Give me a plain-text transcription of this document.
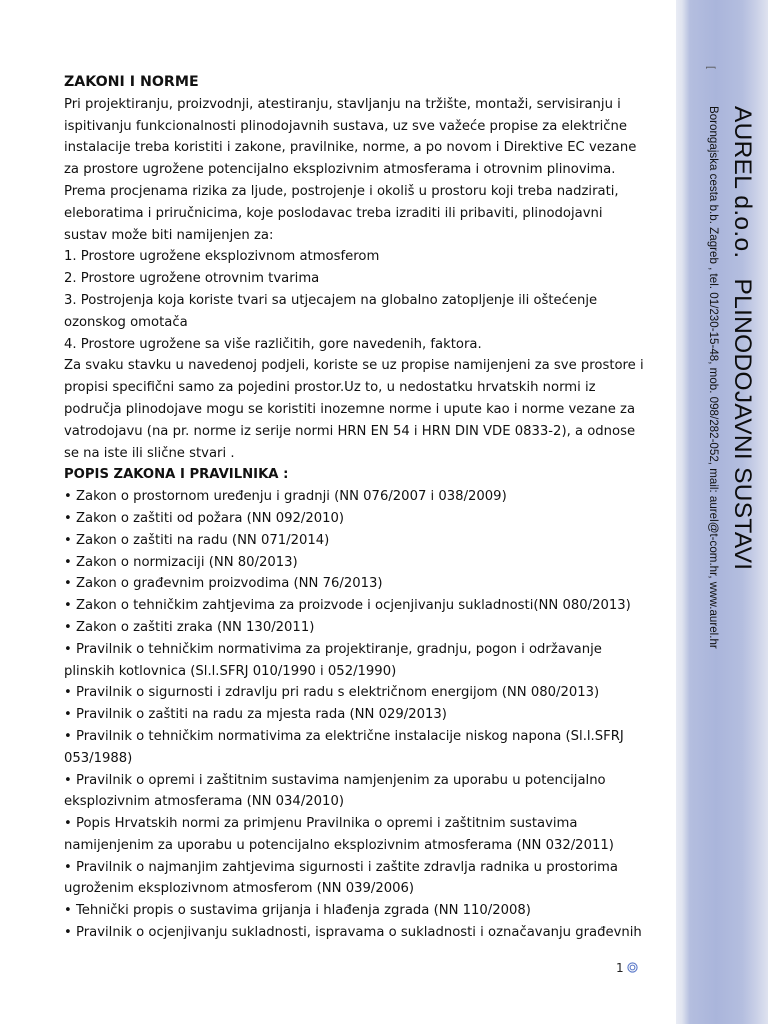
ZAKONI I NORME

Pri projektiranju, proizvodnji, atestiranju, stavljanju na tržište, montaži, servisiranju i ispitivanju funkcionalnosti plinodojavnih sustava, uz sve važeće propise za električne instalacije treba koristiti i zakone, pravilnike, norme, a po novom i Direktive EC vezane za prostore ugrožene potencijalno eksplozivnim atmosferama i otrovnim plinovima.

Prema procjenama rizika za ljude, postrojenje i okoliš u prostoru koji treba nadzirati, eleboratima i priručnicima, koje poslodavac treba izraditi ili pribaviti, plinodojavni sustav može biti namijenjen za:

1. Prostore ugrožene eksplozivnom atmosferom
2. Prostore ugrožene otrovnim tvarima
3. Postrojenja koja koriste tvari sa utjecajem na globalno zatopljenje ili oštećenje ozonskog omotača
4. Prostore ugrožene sa više različitih, gore navedenih, faktora.

Za svaku stavku u navedenoj podjeli, koriste se uz propise namijenjeni za sve prostore i propisi specifični samo za pojedini prostor.Uz to, u nedostatku hrvatskih normi iz područja plinodojave mogu se koristiti inozemne norme i upute kao i norme vezane za vatrodojavu (na pr. norme iz serije normi HRN EN 54 i HRN DIN VDE 0833-2), a odnose se na iste ili slične stvari .

POPIS ZAKONA I PRAVILNIKA :

• Zakon o prostornom uređenju i gradnji (NN 076/2007 i 038/2009)
• Zakon o zaštiti od požara (NN 092/2010)
• Zakon o zaštiti na radu (NN 071/2014)
• Zakon o normizaciji (NN 80/2013)
• Zakon o građevnim proizvodima (NN 76/2013)
• Zakon o tehničkim zahtjevima za proizvode i ocjenjivanju sukladnosti(NN 080/2013)
• Zakon o zaštiti zraka (NN 130/2011)
• Pravilnik o tehničkim normativima za projektiranje, gradnju, pogon i održavanje plinskih kotlovnica (Sl.l.SFRJ 010/1990 i 052/1990)
• Pravilnik o sigurnosti i zdravlju pri radu s električnom energijom (NN 080/2013)
• Pravilnik o zaštiti na radu za mjesta rada (NN 029/2013)
• Pravilnik o tehničkim normativima za električne instalacije niskog napona (Sl.l.SFRJ 053/1988)
• Pravilnik o opremi i zaštitnim sustavima namjenjenim za uporabu u potencijalno eksplozivnim atmosferama (NN 034/2010)
• Popis Hrvatskih normi za primjenu Pravilnika o opremi i zaštitnim sustavima namijenjenim za uporabu u potencijalno eksplozivnim atmosferama (NN 032/2011)
• Pravilnik o najmanjim zahtjevima sigurnosti i zaštite zdravlja radnika u prostorima ugroženim eksplozivnom atmosferom (NN 039/2006)
• Tehnički propis o sustavima grijanja i hlađenja zgrada (NN 110/2008)
• Pravilnik o ocjenjivanju sukladnosti, ispravama o sukladnosti i označavanju građevnih
AUREL d.o.o.PLINODOJAVNI SUSTAVI
Borongajska cesta b.b. Zagreb , tel. 01/230-15-48, mob. 098/282-052, mail: aurel@t-com.hr, www.aurel.hr
[
1
